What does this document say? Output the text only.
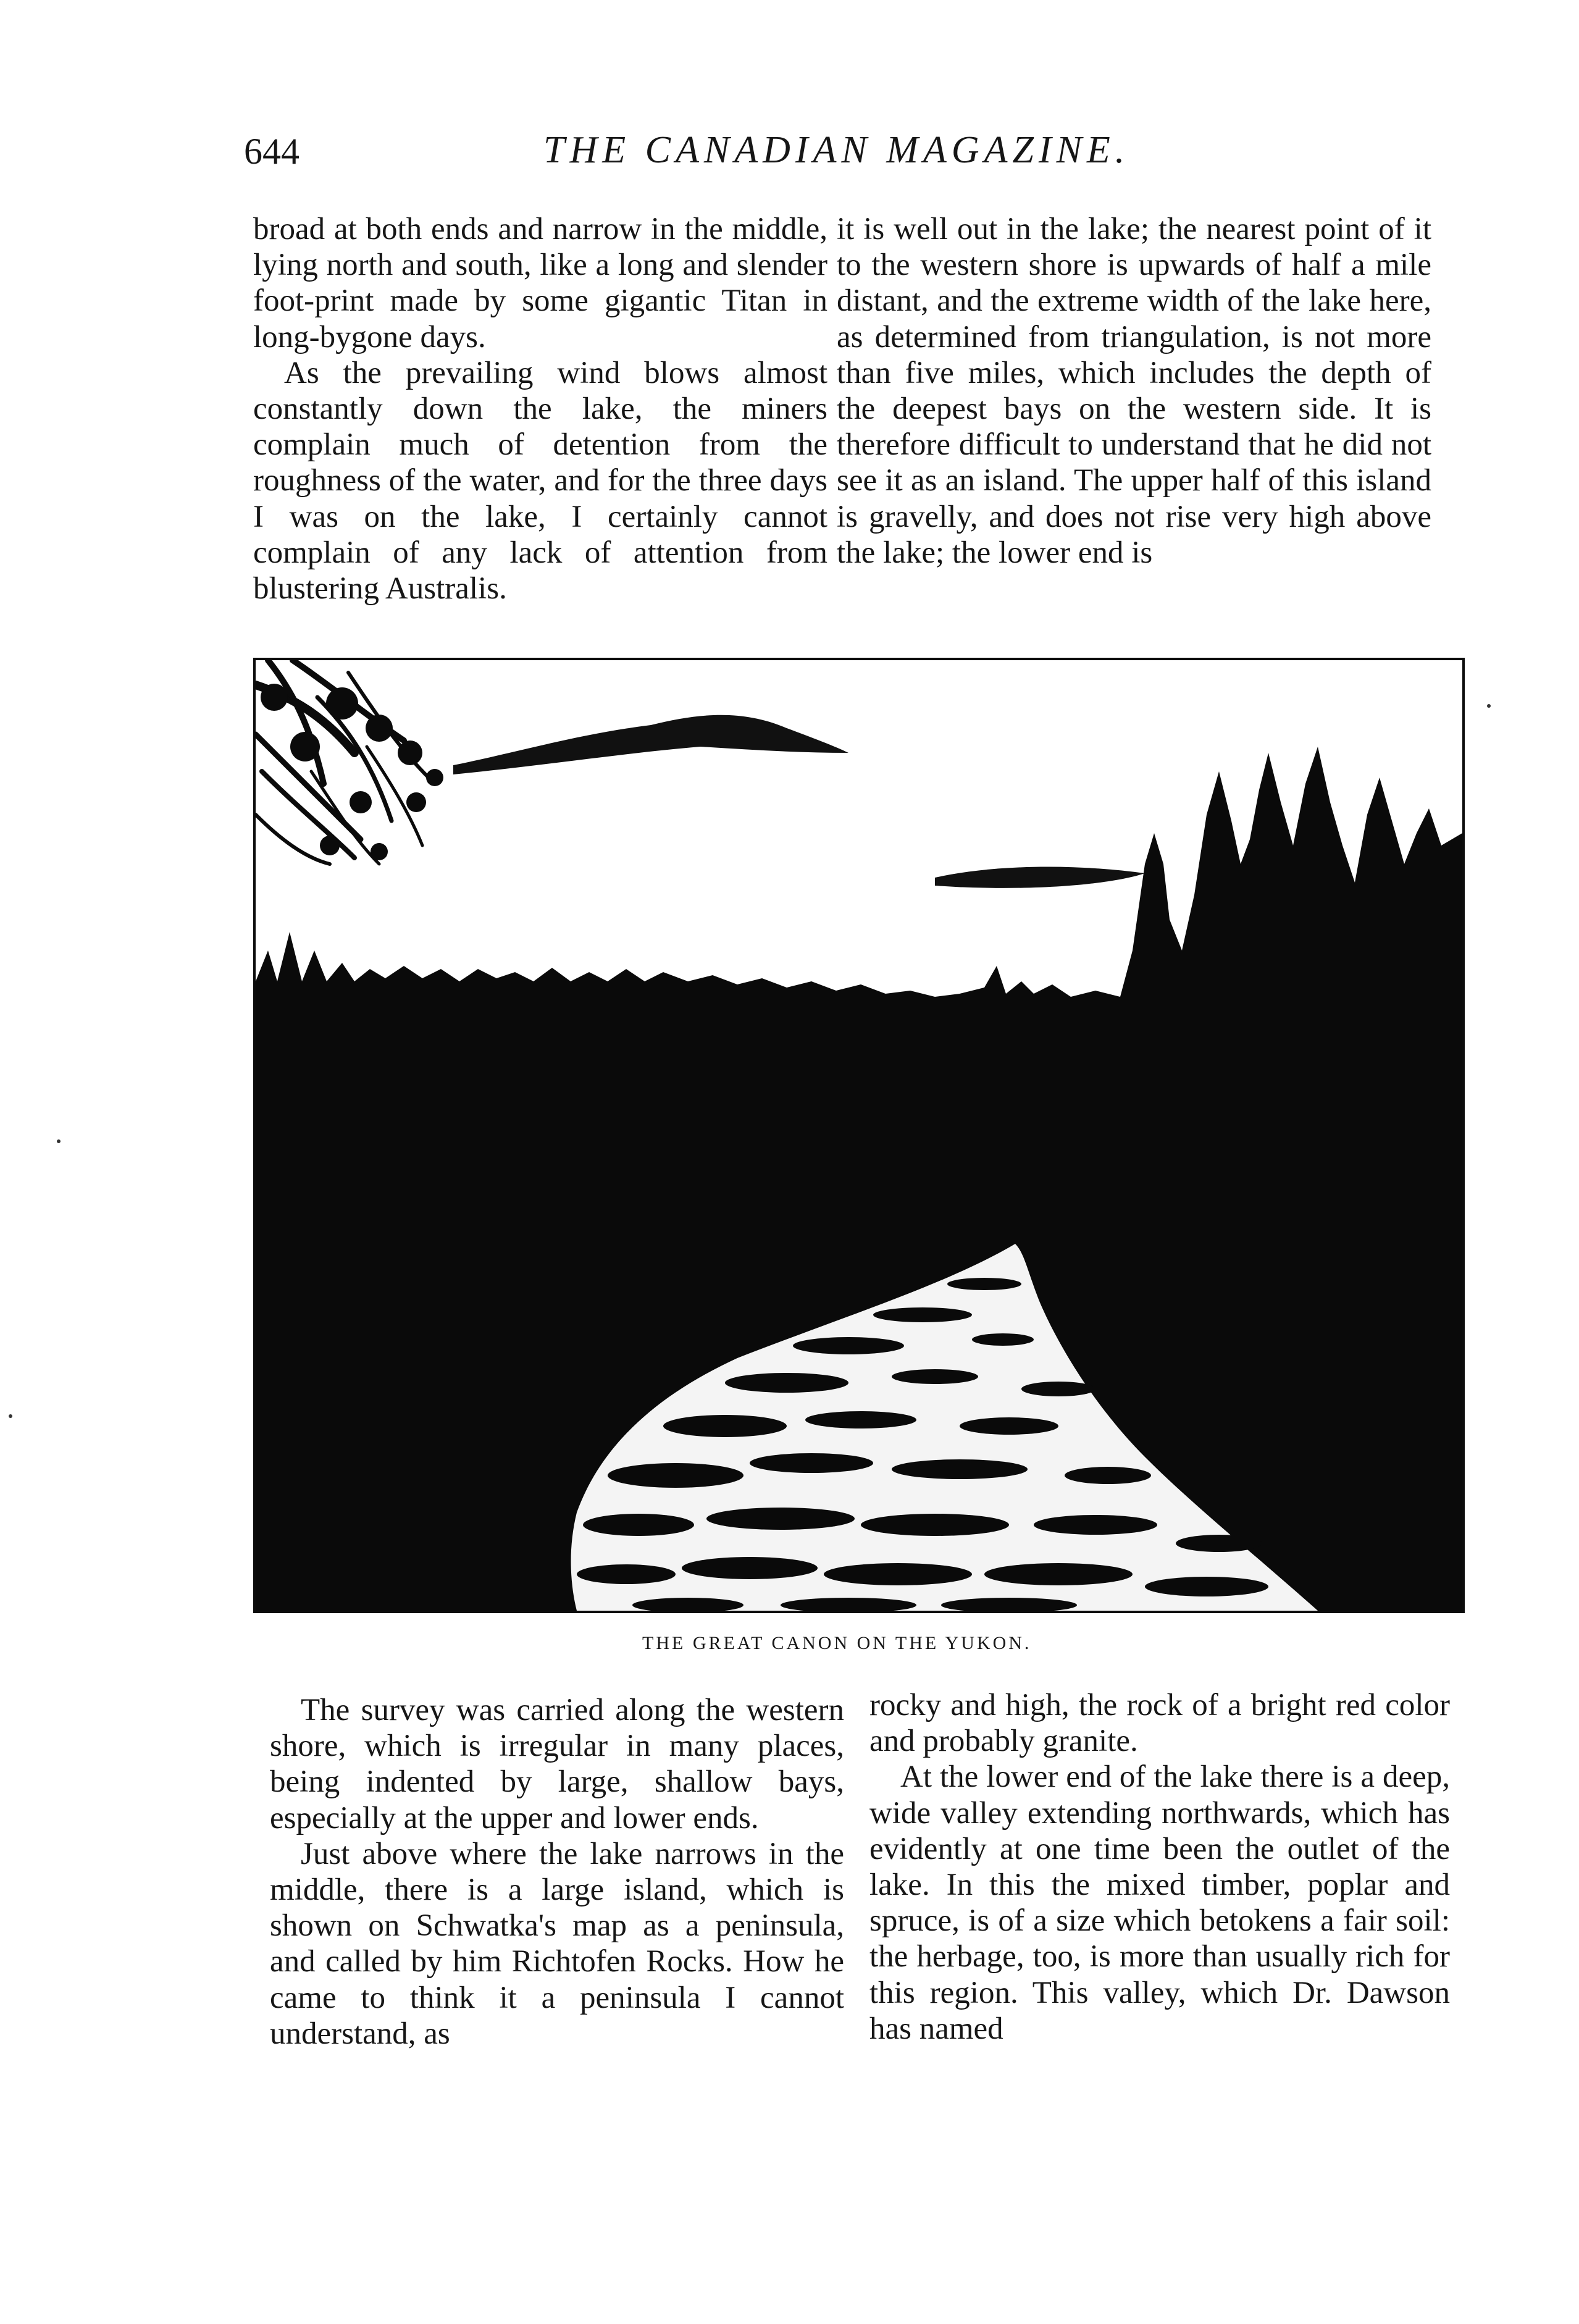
644	THE CANADIAN MAGAZINE.

broad at both ends and narrow in the middle, lying north and south, like a long and slender foot-print made by some gigantic Titan in long-bygone days.

As the prevailing wind blows almost constantly down the lake, the miners complain much of detention from the roughness of the water, and for the three days I was on the lake, I certainly cannot complain of any lack of attention from blustering Australis.

it is well out in the lake; the nearest point of it to the western shore is upwards of half a mile distant, and the extreme width of the lake here, as determined from triangulation, is not more than five miles, which includes the depth of the deepest bays on the western side. It is therefore difficult to understand that he did not see it as an island. The upper half of this island is gravelly, and does not rise very high above the lake; the lower end is

THE GREAT CANON ON THE YUKON.

The survey was carried along the western shore, which is irregular in many places, being indented by large, shallow bays, especially at the upper and lower ends.

Just above where the lake narrows in the middle, there is a large island, which is shown on Schwatka's map as a peninsula, and called by him Richtofen Rocks. How he came to think it a peninsula I cannot understand, as

rocky and high, the rock of a bright red color and probably granite.

At the lower end of the lake there is a deep, wide valley extending northwards, which has evidently at one time been the outlet of the lake. In this the mixed timber, poplar and spruce, is of a size which betokens a fair soil: the herbage, too, is more than usually rich for this region. This valley, which Dr. Dawson has named
